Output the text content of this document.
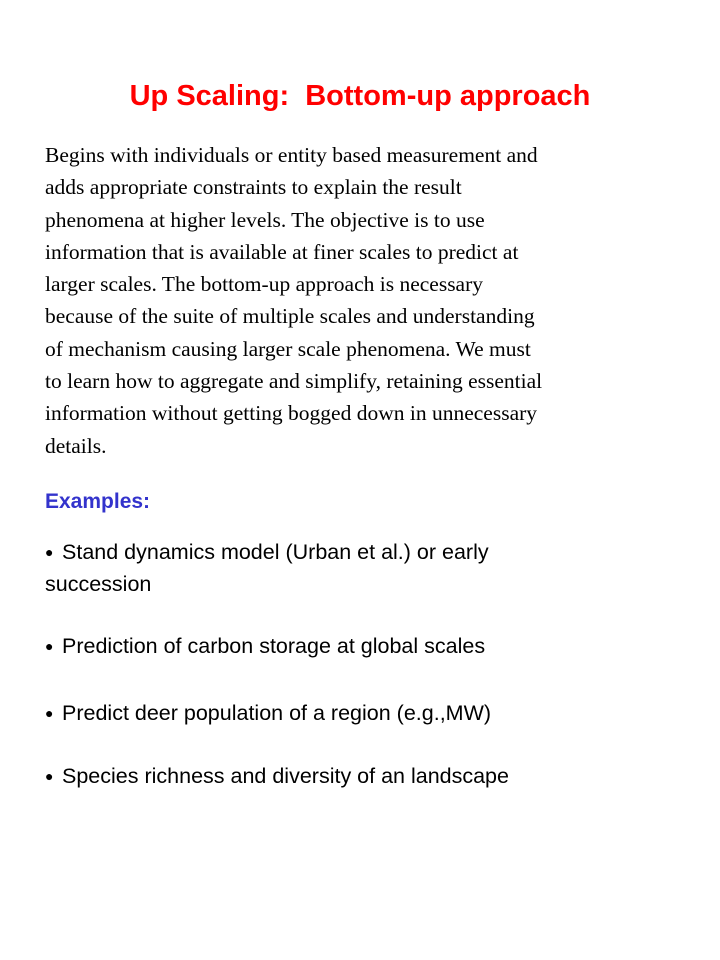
Up Scaling:  Bottom-up approach
Begins with individuals or entity based measurement and
adds appropriate constraints to explain the result
phenomena at higher levels. The objective is to use
information that is available at finer scales to predict at
larger scales. The bottom-up approach is necessary
because of the suite of multiple scales and understanding
of mechanism causing larger scale phenomena. We must
to learn how to aggregate and simplify, retaining essential
information without getting bogged down in unnecessary
details.
Examples:
● Stand dynamics model (Urban et al.) or early
succession
● Prediction of carbon storage at global scales
● Predict deer population of a region (e.g.,MW)
● Species richness and diversity of an landscape
